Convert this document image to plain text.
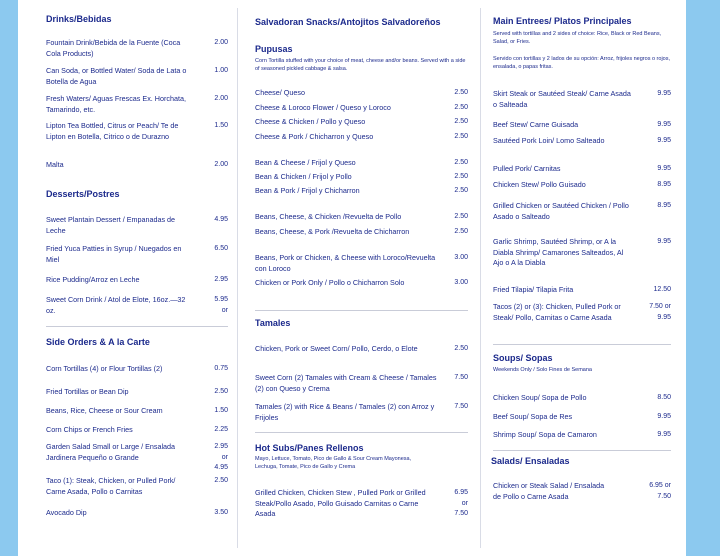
Drinks/Bebidas
Fountain Drink/Bebida de la Fuente (Coca Cola Products)
2.00
Can Soda, or Bottled Water/ Soda de Lata o Botella de Agua
1.00
Fresh Waters/ Aguas Frescas Ex. Horchata, Tamarindo, etc.
2.00
Lipton Tea Bottled, Citrus or Peach/ Te de Lipton en Botella, Citrico o de Durazno
1.50
Malta	2.00
Desserts/Postres
Sweet Plantain Dessert / Empanadas de Leche
4.95
Fried Yuca Patties in Syrup / Nuegados en Miel
6.50
Rice Pudding/Arroz en Leche	2.95
Sweet Corn Drink / Atol de Elote, 16oz.—32 oz.
5.95
or
Side Orders & A la Carte
Corn Tortillas (4) or Flour Tortillas (2)	0.75
Fried Tortillas or Bean Dip	2.50
Beans, Rice, Cheese or Sour Cream	1.50
Corn Chips or French Fries	2.25
Garden Salad Small or Large / Ensalada Jardinera Pequeño o Grande
2.95
or
4.95
Taco (1): Steak, Chicken, or Pulled Pork/ Carne Asada, Pollo o Carnitas
2.50
Avocado Dip	3.50
Salvadoran Snacks/Antojitos Salvadoreños
Pupusas
Corn Tortilla stuffed with your choice of meat, cheese and/or beans. Served with a side of seasoned pickled cabbage & salsa.
Cheese/ Queso	2.50
Cheese & Loroco Flower / Queso y Loroco	2.50
Cheese & Chicken / Pollo y Queso	2.50
Cheese & Pork / Chicharron y Queso	2.50
Bean & Cheese / Frijol y Queso	2.50
Bean & Chicken / Frijol y Pollo	2.50
Bean & Pork / Frijol y Chicharron	2.50
Beans, Cheese, & Chicken /Revuelta de Pollo	2.50
Beans, Cheese, & Pork /Revuelta de Chicharron	2.50
Beans, Pork or Chicken, & Cheese with Loroco/Revuelta con Loroco
3.00
Chicken or Pork Only / Pollo o Chicharron Solo	3.00
Tamales
Chicken, Pork or Sweet Corn/ Pollo, Cerdo, o Elote	2.50
Sweet Corn (2) Tamales with Cream & Cheese / Tamales (2) con Queso y Crema
7.50
Tamales (2) with Rice & Beans / Tamales (2) con Arroz y Frijoles
7.50
Hot Subs/Panes Rellenos
Mayo, Lettuce, Tomato, Pico de Gallo & Sour Cream Mayonesa, Lechuga, Tomate, Pico de Gallo y Crema
Grilled Chicken, Chicken Stew , Pulled Pork or Grilled Steak/Pollo Asado, Pollo Guisado Carnitas o Carne Asada
6.95
or
7.50
Main Entrees/ Platos Principales
Served with tortillas and 2 sides of choice: Rice, Black or Red Beans, Salad, or Fries.
Servido con tortillas y 2 lados de su opción: Arroz, frijoles negros o rojos, ensalada, o papas fritas.
Skirt Steak or Sautéed Steak/ Carne Asada o Salteada
9.95
Beef Stew/ Carne Guisada	9.95
Sautéed Pork Loin/ Lomo Salteado	9.95
Pulled Pork/ Carnitas	9.95
Chicken Stew/ Pollo Guisado	8.95
Grilled Chicken or Sautéed Chicken / Pollo Asado o Salteado
8.95
Garlic Shrimp, Sautéed Shrimp, or A la Diabla Shrimp/ Camarones Salteados, Al Ajo o A la Diabla
9.95
Fried Tilapia/ Tilapia Frita	12.50
Tacos (2) or (3): Chicken, Pulled Pork or Steak/ Pollo, Carnitas o Carne Asada
7.50 or
9.95
Soups/ Sopas
Weekends Only / Solo Fines de Semana
Chicken Soup/ Sopa de Pollo	8.50
Beef Soup/ Sopa de Res	9.95
Shrimp Soup/ Sopa de Camaron	9.95
Salads/ Ensaladas
Chicken or Steak Salad / Ensalada de Pollo o Carne Asada
6.95 or
7.50
